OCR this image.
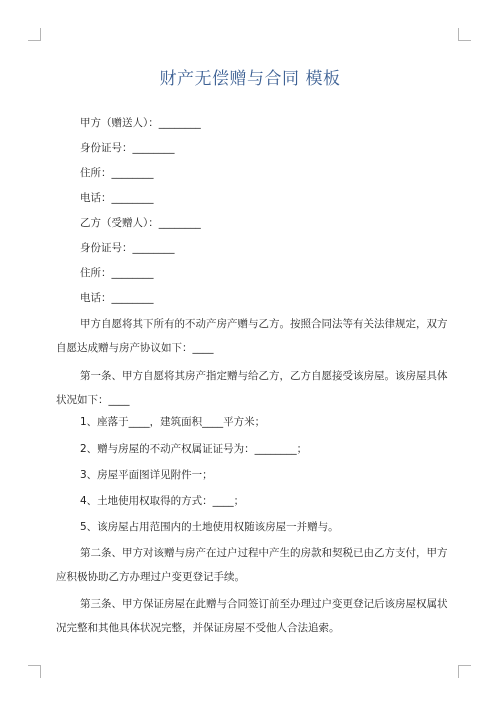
财产无偿赠与合同 模板
甲方（赠送人）：________
身份证号：________
住所：________
电话：________
乙方（受赠人）：________
身份证号：________
住所：________
电话：________
甲方自愿将其下所有的不动产房产赠与乙方。按照合同法等有关法律规定，双方
自愿达成赠与房产协议如下：____
第一条、甲方自愿将其房产指定赠与给乙方，乙方自愿接受该房屋。该房屋具体
状况如下：____
1、座落于____，建筑面积____平方米；
2、赠与房屋的不动产权属证证号为：________；
3、房屋平面图详见附件一；
4、土地使用权取得的方式：____；
5、该房屋占用范围内的土地使用权随该房屋一并赠与。
第二条、甲方对该赠与房产在过户过程中产生的房款和契税已由乙方支付，甲方
应积极协助乙方办理过户变更登记手续。
第三条、甲方保证房屋在此赠与合同签订前至办理过户变更登记后该房屋权属状
况完整和其他具体状况完整，并保证房屋不受他人合法追索。
